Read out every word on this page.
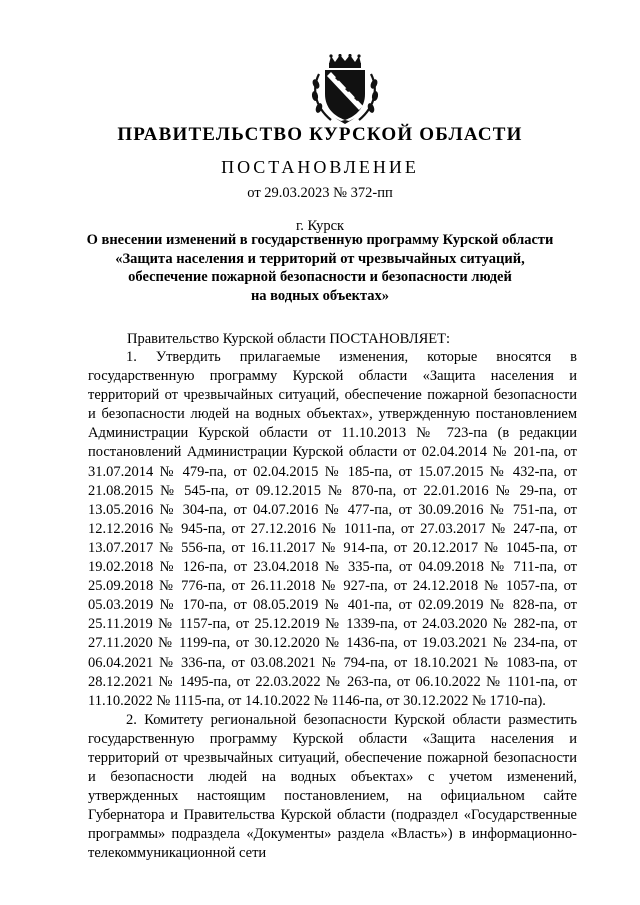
ПРАВИТЕЛЬСТВО КУРСКОЙ ОБЛАСТИ
ПОСТАНОВЛЕНИЕ
от 29.03.2023 № 372-пп
г. Курск
О внесении изменений в государственную программу Курской области
«Защита населения и территорий от чрезвычайных ситуаций,
обеспечение пожарной безопасности и безопасности людей
на водных объектах»
Правительство Курской области ПОСТАНОВЛЯЕТ:

1. Утвердить прилагаемые изменения, которые вносятся в государственную программу Курской области «Защита населения и территорий от чрезвычайных ситуаций, обеспечение пожарной безопасности и безопасности людей на водных объектах», утвержденную постановлением Администрации Курской области от 11.10.2013 № 723-па (в редакции постановлений Администрации Курской области от 02.04.2014 № 201-па, от 31.07.2014 № 479-па, от 02.04.2015 № 185-па, от 15.07.2015 № 432-па, от 21.08.2015 № 545-па, от 09.12.2015 № 870-па, от 22.01.2016 № 29-па, от 13.05.2016 № 304-па, от 04.07.2016 № 477-па, от 30.09.2016 № 751-па, от 12.12.2016 № 945-па, от 27.12.2016 № 1011-па, от 27.03.2017 № 247-па, от 13.07.2017 № 556-па, от 16.11.2017 № 914-па, от 20.12.2017 № 1045-па, от 19.02.2018 № 126-па, от 23.04.2018 № 335-па, от 04.09.2018 № 711-па, от 25.09.2018 № 776-па, от 26.11.2018 № 927-па, от 24.12.2018 № 1057-па, от 05.03.2019 № 170-па, от 08.05.2019 № 401-па, от 02.09.2019 № 828-па, от 25.11.2019 № 1157-па, от 25.12.2019 № 1339-па, от 24.03.2020 № 282-па, от 27.11.2020 № 1199-па, от 30.12.2020 № 1436-па, от 19.03.2021 № 234-па, от 06.04.2021 № 336-па, от 03.08.2021 № 794-па, от 18.10.2021 № 1083-па, от 28.12.2021 № 1495-па, от 22.03.2022 № 263-па, от 06.10.2022 № 1101-па, от 11.10.2022 № 1115-па, от 14.10.2022 № 1146-па, от 30.12.2022 № 1710-па).

2. Комитету региональной безопасности Курской области разместить государственную программу Курской области «Защита населения и территорий от чрезвычайных ситуаций, обеспечение пожарной безопасности и безопасности людей на водных объектах» с учетом изменений, утвержденных настоящим постановлением, на официальном сайте Губернатора и Правительства Курской области (подраздел «Государственные программы» подраздела «Документы» раздела «Власть») в информационно-телекоммуникационной сети
